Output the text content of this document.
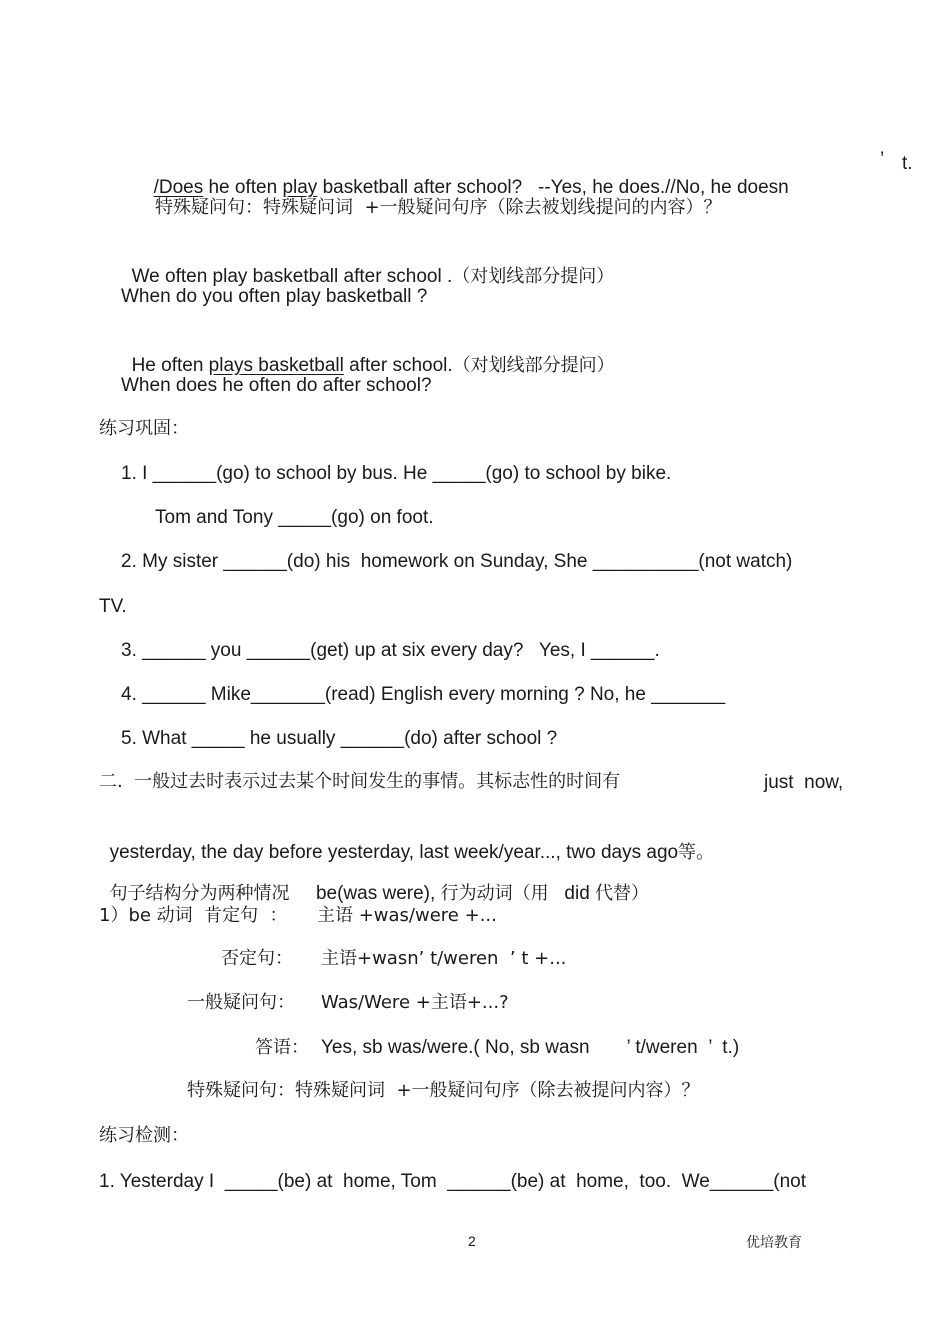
/Does he often play basketball after school?   --Yes, he does.//No, he doesn

’ t.
特殊疑问句：特殊疑问词  +一般疑问句序（除去被划线提问的内容）？

We often play basketball after school .（对划线部分提问）

When do you often play basketball ?

He often plays basketball after school.（对划线部分提问）

When does he often do after school?
练习巩固：
1. I ______(go) to school by bus. He _____(go) to school by bike.
Tom and Tony _____(go) on foot.
2. My sister ______(do) his  homework on Sunday, She __________(not watch)
TV.
3. ______ you ______(get) up at six every day?   Yes, I ______.
4. ______ Mike_______(read) English every morning ? No, he _______
5. What _____ he usually ______(do) after school ?
二.  一般过去时表示过去某个时间发生的事情。其标志性的时间有	just  now,

yesterday, the day before yesterday, last week/year..., two days ago等。

句子结构分为两种情况 be(was were), 行为动词（用 did 代替）

1）be 动词  肯定句  ： 主语 +was/were +...
否定句： 主语+wasn’ t/weren  ’ t +...
一般疑问句： Was/Were +主语+...?
答语： Yes, sb was/were.( No, sb wasn       ’ t/weren  ’  t.)
特殊疑问句：特殊疑问词  +一般疑问句序（除去被提问内容）？
练习检测：
1. Yesterday I  _____(be) at  home, Tom  ______(be) at  home,  too.  We______(not
2	优培教育
